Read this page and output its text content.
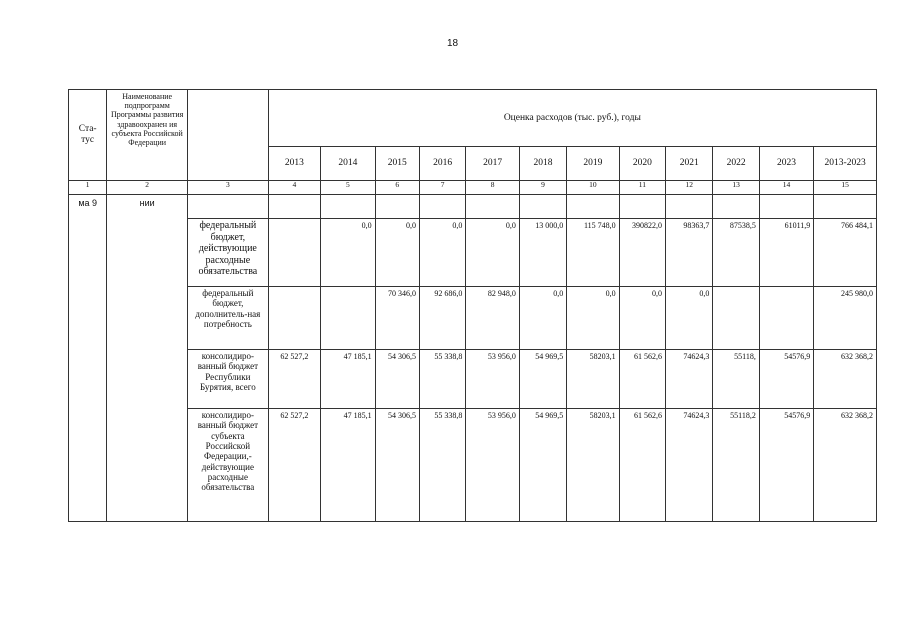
18
Ста-
тус	Наименование подпрограмм Программы развития здравоохранен ия субъекта Российской Федерации		Оценка расходов (тыс. руб.), годы											
			2013	2014	2015	2016	2017	2018	2019	2020	2021	2022	2023	2013-2023
1	2	3	4	5	6	7	8	9	10	11	12	13	14	15
ма 9	нии													
		федеральный бюджет, действующие расходные обязательства		0,0	0,0	0,0	0,0	13 000,0	115 748,0	390822,0	98363,7	87538,5	61011,9	766 484,1
		федеральный бюджет, дополнитель-ная потребность			70 346,0	92 686,0	82 948,0	0,0	0,0	0,0	0,0			245 980,0
		консолидиро-ванный бюджет Республики Бурятия, всего	62 527,2	47 185,1	54 306,5	55 338,8	53 956,0	54 969,5	58203,1	61 562,6	74624,3	55118,	54576,9	632 368,2
		консолидиро-ванный бюджет субъекта Российской Федерации,-действующие расходные обязательства	62 527,2	47 185,1	54 306,5	55 338,8	53 956,0	54 969,5	58203,1	61 562,6	74624,3	55118,2	54576,9	632 368,2
